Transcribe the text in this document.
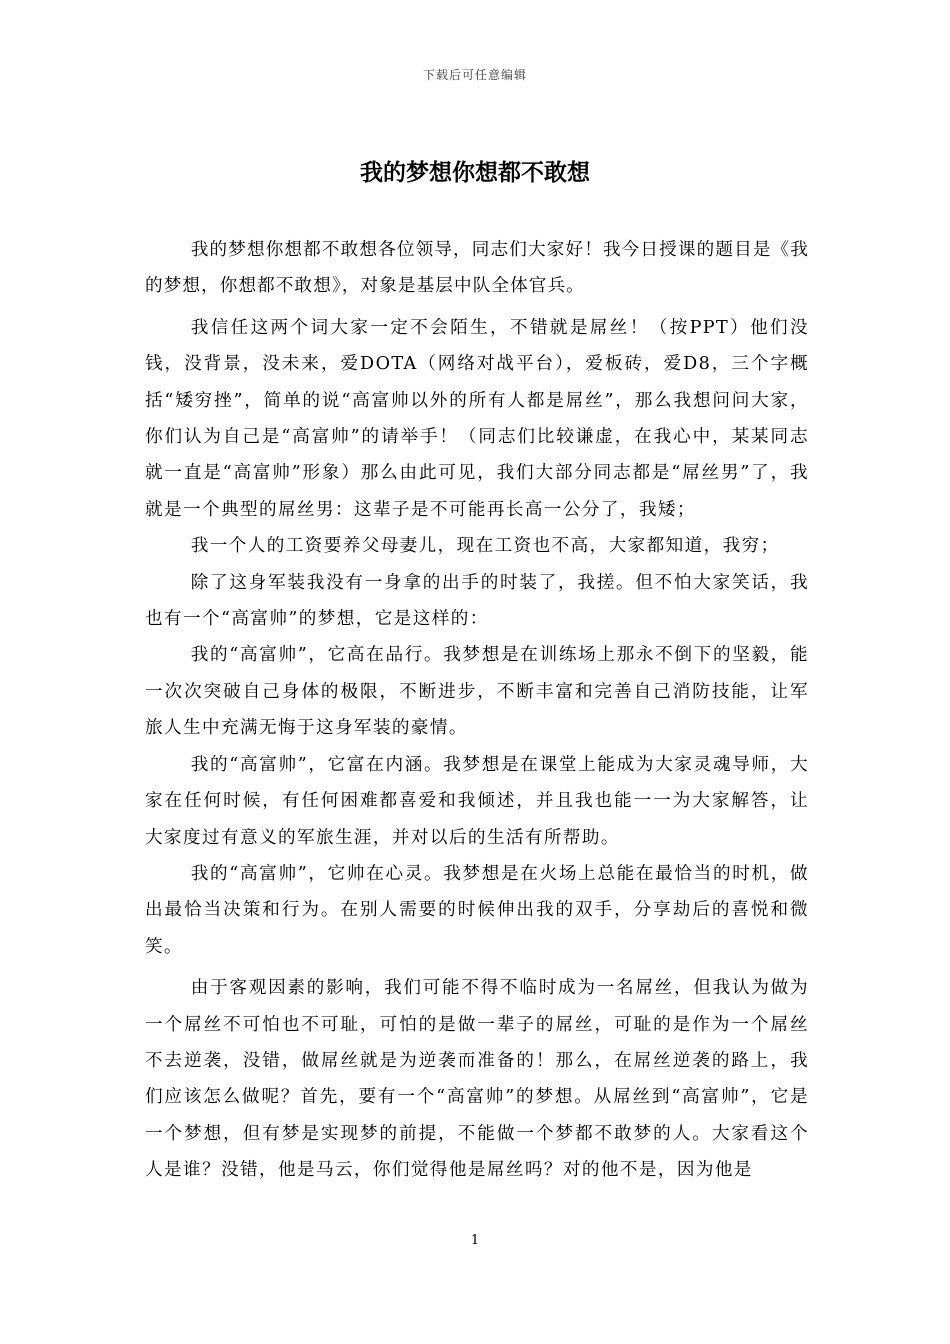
下载后可任意编辑
我的梦想你想都不敢想

我的梦想你想都不敢想各位领导，同志们大家好！我今日授课的题目是《我的梦想，你想都不敢想》，对象是基层中队全体官兵。

我信任这两个词大家一定不会陌生，不错就是屌丝！（按PPT）他们没钱，没背景，没未来，爱DOTA（网络对战平台），爱板砖，爱D8，三个字概括“矮穷挫”，简单的说“高富帅以外的所有人都是屌丝”，那么我想问问大家，你们认为自己是“高富帅”的请举手！（同志们比较谦虚，在我心中，某某同志就一直是“高富帅”形象）那么由此可见，我们大部分同志都是“屌丝男”了，我就是一个典型的屌丝男：这辈子是不可能再长高一公分了，我矮；

我一个人的工资要养父母妻儿，现在工资也不高，大家都知道，我穷；

除了这身军装我没有一身拿的出手的时装了，我搓。但不怕大家笑话，我也有一个“高富帅”的梦想，它是这样的：

我的“高富帅”，它高在品行。我梦想是在训练场上那永不倒下的坚毅，能一次次突破自己身体的极限，不断进步，不断丰富和完善自己消防技能，让军旅人生中充满无悔于这身军装的豪情。

我的“高富帅”，它富在内涵。我梦想是在课堂上能成为大家灵魂导师，大家在任何时候，有任何困难都喜爱和我倾述，并且我也能一一为大家解答，让大家度过有意义的军旅生涯，并对以后的生活有所帮助。

我的“高富帅”，它帅在心灵。我梦想是在火场上总能在最恰当的时机，做出最恰当决策和行为。在别人需要的时候伸出我的双手，分享劫后的喜悦和微笑。

由于客观因素的影响，我们可能不得不临时成为一名屌丝，但我认为做为一个屌丝不可怕也不可耻，可怕的是做一辈子的屌丝，可耻的是作为一个屌丝不去逆袭，没错，做屌丝就是为逆袭而准备的！那么，在屌丝逆袭的路上，我们应该怎么做呢？首先，要有一个“高富帅”的梦想。从屌丝到“高富帅”，它是一个梦想，但有梦是实现梦的前提，不能做一个梦都不敢梦的人。大家看这个人是谁？没错，他是马云，你们觉得他是屌丝吗？对的他不是，因为他是

1
